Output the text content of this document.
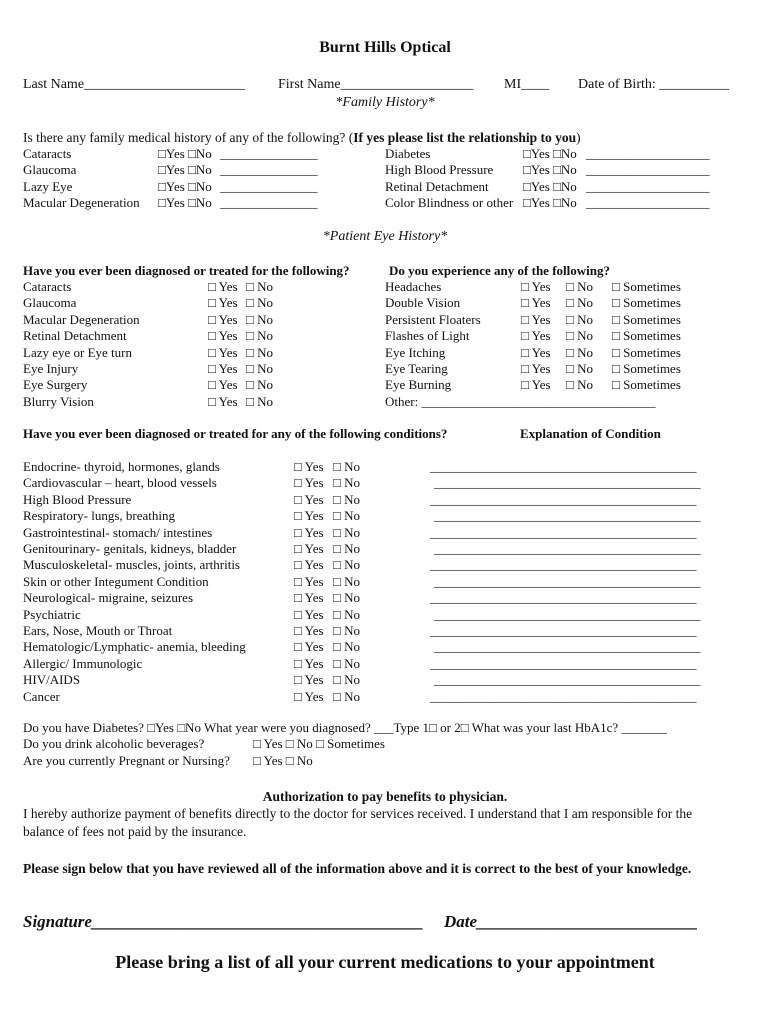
Burnt Hills Optical
Last Name_______________________ First Name___________________ MI____ Date of Birth: __________
*Family History*
Is there any family medical history of any of the following? (If yes please list the relationship to you)
Cataracts	□Yes □No _______________
Glaucoma	□Yes □No _______________
Lazy Eye	□Yes □No _______________
Macular Degeneration □Yes □No _______________
Diabetes	□Yes □No ___________________
High Blood Pressure □Yes □No ___________________
Retinal Detachment	□Yes □No ___________________
Color Blindness or other □Yes □No ___________________
*Patient Eye History*
Have you ever been diagnosed or treated for the following?	Do you experience any of the following?
Cataracts	□ Yes □ No
Glaucoma	□ Yes □ No
Macular Degeneration	□ Yes □ No
Retinal Detachment	□ Yes □ No
Lazy eye or Eye turn	□ Yes □ No
Eye Injury	□ Yes □ No
Eye Surgery	□ Yes □ No
Blurry Vision	□ Yes □ No
Headaches	□ Yes □ No □ Sometimes
Double Vision	□ Yes □ No □ Sometimes
Persistent Floaters	□ Yes □ No □ Sometimes
Flashes of Light	□ Yes □ No □ Sometimes
Eye Itching	□ Yes □ No □ Sometimes
Eye Tearing	□ Yes □ No □ Sometimes
Eye Burning	□ Yes □ No □ Sometimes
Other: ____________________________________
Have you ever been diagnosed or treated for any of the following conditions?	Explanation of Condition
Endocrine- thyroid, hormones, glands	□ Yes □ No	_________________________________________
Cardiovascular – heart, blood vessels	□ Yes □ No	_________________________________________
High Blood Pressure	□ Yes □ No	_________________________________________
Respiratory- lungs, breathing	□ Yes □ No	_________________________________________
Gastrointestinal- stomach/ intestines	□ Yes □ No	_________________________________________
Genitourinary- genitals, kidneys, bladder	□ Yes □ No	_________________________________________
Musculoskeletal- muscles, joints, arthritis	□ Yes □ No	_________________________________________
Skin or other Integument Condition	□ Yes □ No	_________________________________________
Neurological- migraine, seizures	□ Yes □ No	_________________________________________
Psychiatric	□ Yes □ No	_________________________________________
Ears, Nose, Mouth or Throat	□ Yes □ No	_________________________________________
Hematologic/Lymphatic- anemia, bleeding	□ Yes □ No	_________________________________________
Allergic/ Immunologic	□ Yes □ No	_________________________________________
HIV/AIDS	□ Yes □ No	_________________________________________
Cancer	□ Yes □ No	_________________________________________
Do you have Diabetes? □Yes □No What year were you diagnosed? ___Type 1□ or 2□ What was your last HbA1c? _______
Do you drink alcoholic beverages?	□ Yes □ No □ Sometimes
Are you currently Pregnant or Nursing? □ Yes □ No
Authorization to pay benefits to physician.
I hereby authorize payment of benefits directly to the doctor for services received. I understand that I am responsible for the balance of fees not paid by the insurance.
Please sign below that you have reviewed all of the information above and it is correct to the best of your knowledge.
Signature_______________________________________ Date__________________________
Please bring a list of all your current medications to your appointment
